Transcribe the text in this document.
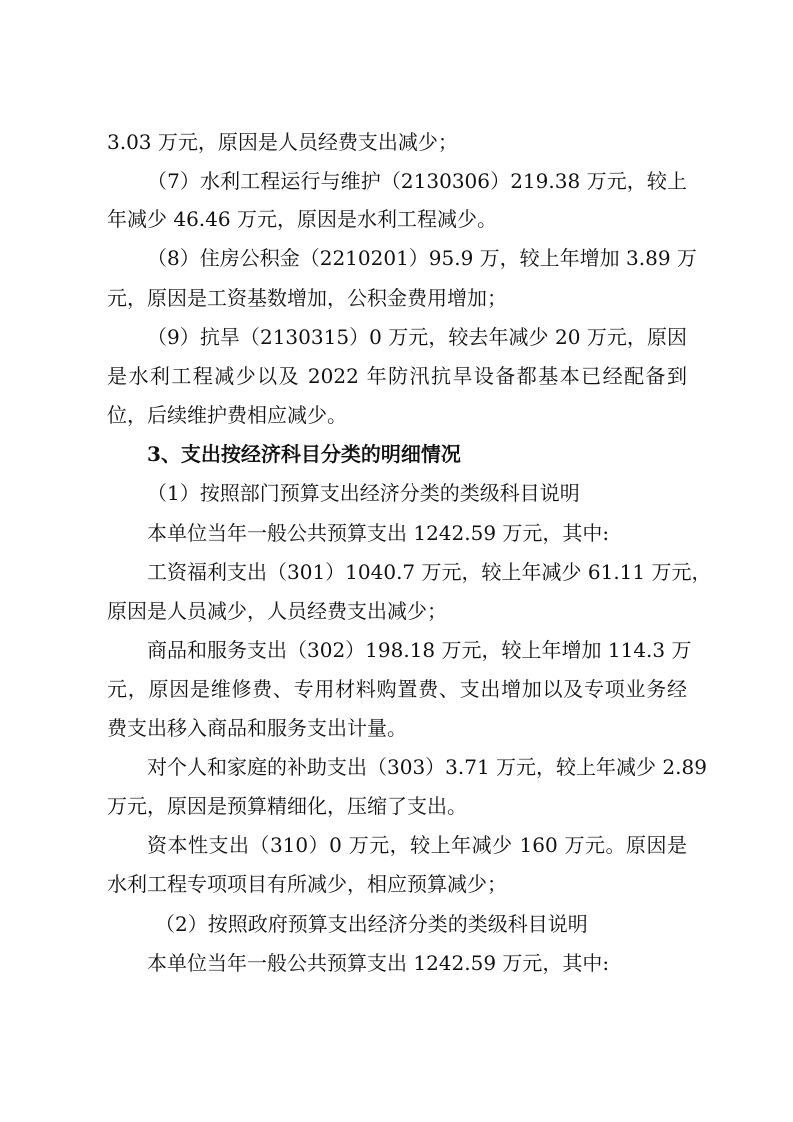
3.03 万元，原因是人员经费支出减少；
（7）水利工程运行与维护（2130306）219.38 万元，较上
年减少 46.46 万元，原因是水利工程减少。
（8）住房公积金（2210201）95.9 万，较上年增加 3.89 万
元，原因是工资基数增加，公积金费用增加；
（9）抗旱（2130315）0 万元，较去年减少 20 万元，原因
是水利工程减少以及 2022 年防汛抗旱设备都基本已经配备到
位，后续维护费相应减少。
3、支出按经济科目分类的明细情况
（1）按照部门预算支出经济分类的类级科目说明
本单位当年一般公共预算支出 1242.59 万元，其中:
工资福利支出（301）1040.7 万元，较上年减少 61.11 万元，
原因是人员减少，人员经费支出减少；
商品和服务支出（302）198.18 万元，较上年增加 114.3 万
元，原因是维修费、专用材料购置费、支出增加以及专项业务经
费支出移入商品和服务支出计量。
对个人和家庭的补助支出（303）3.71 万元，较上年减少 2.89
万元，原因是预算精细化，压缩了支出。
资本性支出（310）0 万元，较上年减少 160 万元。原因是
水利工程专项项目有所减少，相应预算减少；
（2）按照政府预算支出经济分类的类级科目说明
本单位当年一般公共预算支出 1242.59 万元，其中:
